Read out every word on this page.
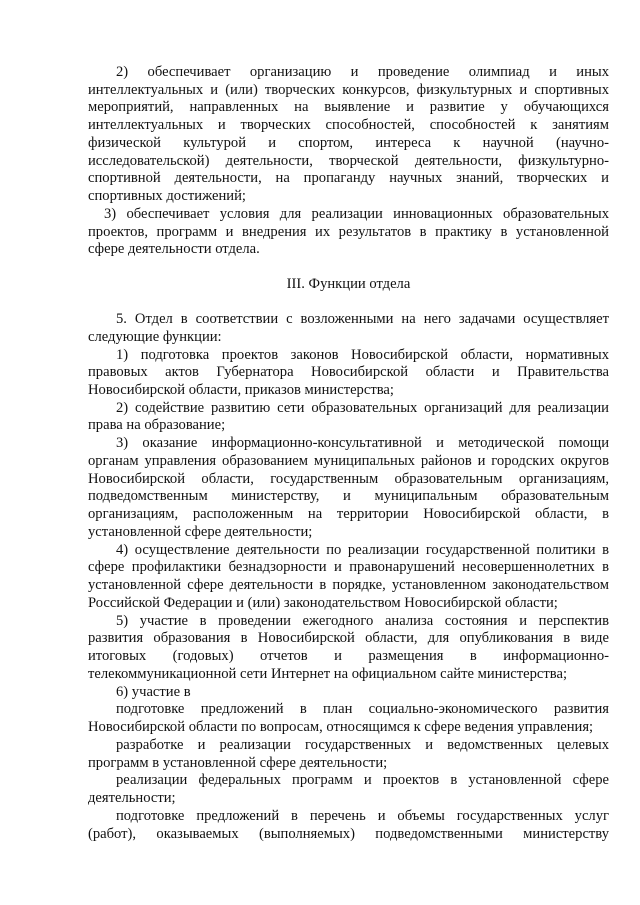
2) обеспечивает организацию и проведение олимпиад и иных
интеллектуальных и (или) творческих конкурсов, физкультурных и спортивных
мероприятий, направленных на выявление и развитие у обучающихся
интеллектуальных и творческих способностей, способностей к занятиям
физической культурой и спортом, интереса к научной (научно-
исследовательской) деятельности, творческой деятельности, физкультурно-
спортивной деятельности, на пропаганду научных знаний, творческих и
спортивных достижений;
3) обеспечивает условия для реализации инновационных образовательных
проектов, программ и внедрения их результатов в практику в установленной
сфере деятельности отдела.
III. Функции отдела
5. Отдел в соответствии с возложенными на него задачами осуществляет
следующие функции:
1) подготовка проектов законов Новосибирской области, нормативных
правовых актов Губернатора Новосибирской области и Правительства
Новосибирской области, приказов министерства;
2) содействие развитию сети образовательных организаций для реализации
права на образование;
3) оказание информационно-консультативной и методической помощи
органам управления образованием муниципальных районов и городских округов
Новосибирской области, государственным образовательным организациям,
подведомственным министерству, и муниципальным образовательным
организациям, расположенным на территории Новосибирской области, в
установленной сфере деятельности;
4) осуществление деятельности по реализации государственной политики в
сфере профилактики безнадзорности и правонарушений несовершеннолетних в
установленной сфере деятельности в порядке, установленном законодательством
Российской Федерации и (или) законодательством Новосибирской области;
5) участие в проведении ежегодного анализа состояния и перспектив
развития образования в Новосибирской области, для опубликования в виде
итоговых (годовых) отчетов и размещения в информационно-
телекоммуникационной сети Интернет на официальном сайте министерства;
6) участие в
подготовке предложений в план социально-экономического развития
Новосибирской области по вопросам, относящимся к сфере ведения управления;
разработке и реализации государственных и ведомственных целевых
программ в установленной сфере деятельности;
реализации федеральных программ и проектов в установленной сфере
деятельности;
подготовке предложений в перечень и объемы государственных услуг
(работ), оказываемых (выполняемых) подведомственными министерству
